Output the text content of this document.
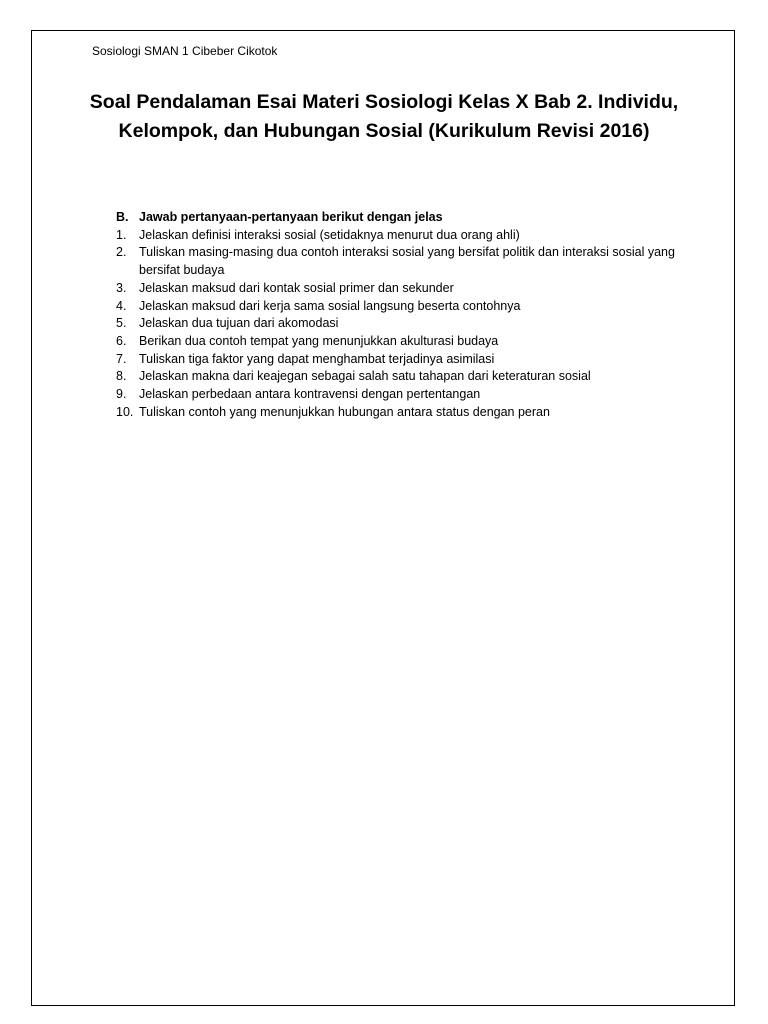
Sosiologi SMAN 1 Cibeber Cikotok
Soal Pendalaman Esai Materi Sosiologi Kelas X Bab 2. Individu, Kelompok, dan Hubungan Sosial (Kurikulum Revisi 2016)
B. Jawab pertanyaan-pertanyaan berikut dengan jelas
1.	Jelaskan definisi interaksi sosial (setidaknya menurut dua orang ahli)
2.	Tuliskan masing-masing dua contoh interaksi sosial yang bersifat politik dan interaksi sosial yang bersifat budaya
3.	Jelaskan maksud dari kontak sosial primer dan sekunder
4.	Jelaskan maksud dari kerja sama sosial langsung beserta contohnya
5.	Jelaskan dua tujuan dari akomodasi
6.	Berikan dua contoh tempat yang menunjukkan akulturasi budaya
7.	Tuliskan tiga faktor yang dapat menghambat terjadinya asimilasi
8.	Jelaskan makna dari keajegan sebagai salah satu tahapan dari keteraturan sosial
9.	Jelaskan perbedaan antara kontravensi dengan pertentangan
10. Tuliskan contoh yang menunjukkan hubungan antara status dengan peran
